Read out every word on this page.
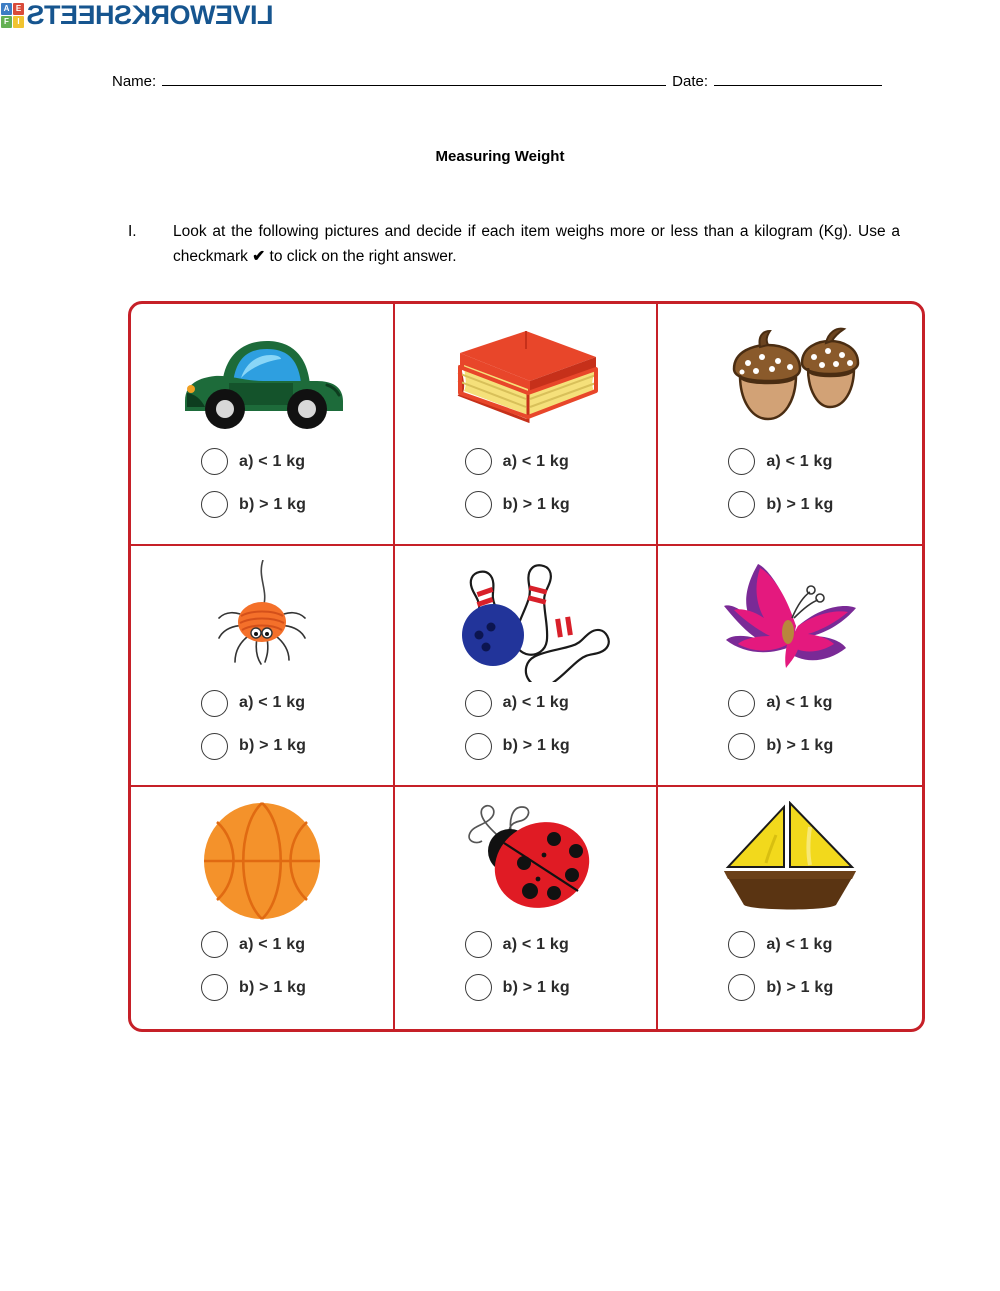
A E
F	I LIVEWORKSHEETS
Name:	Date:
Measuring Weight
I.	Look at the following pictures and decide if each item weighs more or less than a kilogram (Kg). Use a checkmark ✔ to click on the right answer.
a) < 1 kg
b) > 1 kg
a) < 1 kg
b) > 1 kg
a) < 1 kg
b) > 1 kg
a) < 1 kg
b) > 1 kg
a) < 1 kg
b) > 1 kg
a) < 1 kg
b) > 1 kg
a) < 1 kg
b) > 1 kg
a) < 1 kg
b) > 1 kg
a) < 1 kg
b) > 1 kg
